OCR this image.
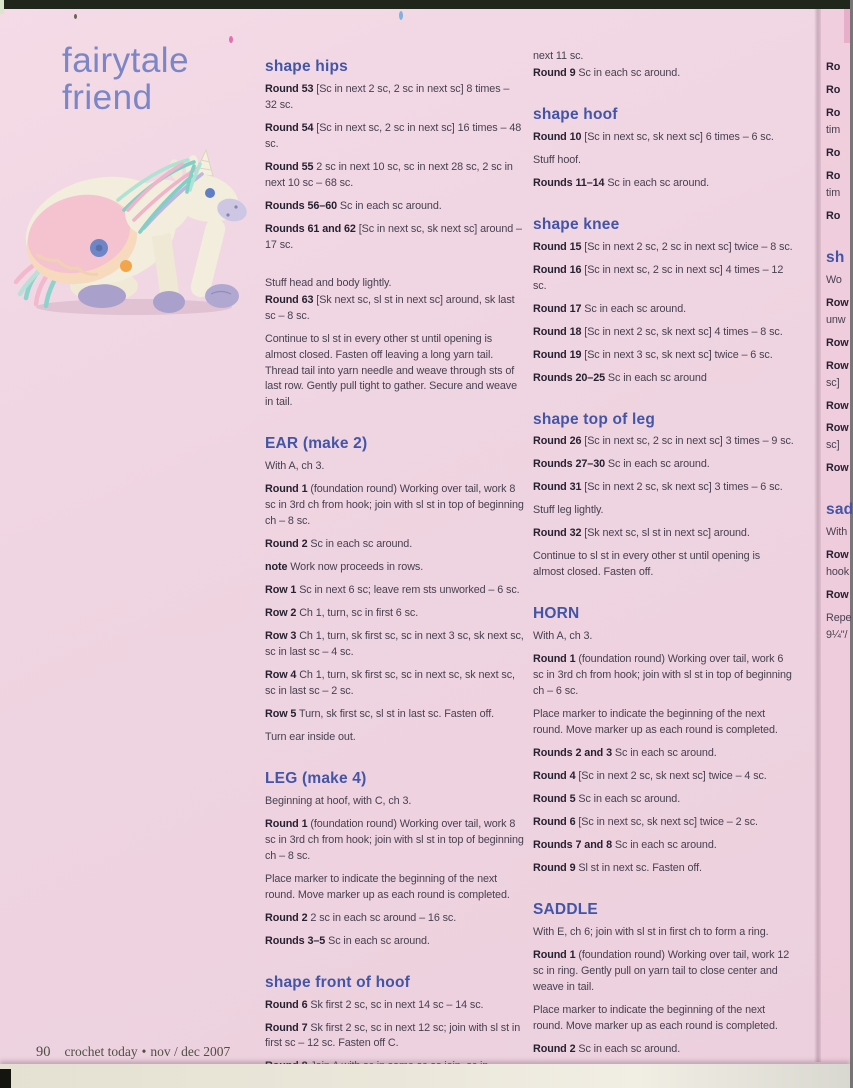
fairytale
friend
shape hips

Round 53 [Sc in next 2 sc, 2 sc in next sc] 8 times – 32 sc.

Round 54 [Sc in next sc, 2 sc in next sc] 16 times – 48 sc.

Round 55 2 sc in next 10 sc, sc in next 28 sc, 2 sc in next 10 sc – 68 sc.

Rounds 56–60 Sc in each sc around.

Rounds 61 and 62 [Sc in next sc, sk next sc] around – 17 sc.

Stuff head and body lightly.

Round 63 [Sk next sc, sl st in next sc] around, sk last sc – 8 sc.

Continue to sl st in every other st until opening is almost closed. Fasten off leaving a long yarn tail. Thread tail into yarn needle and weave through sts of last row. Gently pull tight to gather. Secure and weave in tail.

EAR (make 2)

With A, ch 3.

Round 1 (foundation round) Working over tail, work 8 sc in 3rd ch from hook; join with sl st in top of beginning ch – 8 sc.

Round 2 Sc in each sc around.

note Work now proceeds in rows.

Row 1 Sc in next 6 sc; leave rem sts unworked – 6 sc.

Row 2 Ch 1, turn, sc in first 6 sc.

Row 3 Ch 1, turn, sk first sc, sc in next 3 sc, sk next sc, sc in last sc – 4 sc.

Row 4 Ch 1, turn, sk first sc, sc in next sc, sk next sc, sc in last sc – 2 sc.

Row 5 Turn, sk first sc, sl st in last sc. Fasten off.

Turn ear inside out.

LEG (make 4)

Beginning at hoof, with C, ch 3.

Round 1 (foundation round) Working over tail, work 8 sc in 3rd ch from hook; join with sl st in top of beginning ch – 8 sc.

Place marker to indicate the beginning of the next round. Move marker up as each round is completed.

Round 2 2 sc in each sc around – 16 sc.

Rounds 3–5 Sc in each sc around.

shape front of hoof

Round 6 Sk first 2 sc, sc in next 14 sc – 14 sc.

Round 7 Sk first 2 sc, sc in next 12 sc; join with sl st in first sc – 12 sc. Fasten off C.

next 11 sc.

Round 9 Sc in each sc around.

shape hoof

Round 10 [Sc in next sc, sk next sc] 6 times – 6 sc.

Stuff hoof.

Rounds 11–14 Sc in each sc around.

shape knee

Round 15 [Sc in next 2 sc, 2 sc in next sc] twice – 8 sc.

Round 16 [Sc in next sc, 2 sc in next sc] 4 times – 12 sc.

Round 17 Sc in each sc around.

Round 18 [Sc in next 2 sc, sk next sc] 4 times – 8 sc.

Round 19 [Sc in next 3 sc, sk next sc] twice – 6 sc.

Rounds 20–25 Sc in each sc around

shape top of leg

Round 26 [Sc in next sc, 2 sc in next sc] 3 times – 9 sc.

Rounds 27–30 Sc in each sc around.

Round 31 [Sc in next 2 sc, sk next sc] 3 times – 6 sc.

Stuff leg lightly.

Round 32 [Sk next sc, sl st in next sc] around.

Continue to sl st in every other st until opening is almost closed. Fasten off.

HORN

With A, ch 3.

Round 1 (foundation round) Working over tail, work 6 sc in 3rd ch from hook; join with sl st in top of beginning ch – 6 sc.

Place marker to indicate the beginning of the next round. Move marker up as each round is completed.

Rounds 2 and 3 Sc in each sc around.

Round 4 [Sc in next 2 sc, sk next sc] twice – 4 sc.

Round 5 Sc in each sc around.

Round 6 [Sc in next sc, sk next sc] twice – 2 sc.

Rounds 7 and 8 Sc in each sc around.

Round 9 Sl st in next sc. Fasten off.

SADDLE

With E, ch 6; join with sl st in first ch to form a ring.

Round 1 (foundation round) Working over tail, work 12 sc in ring. Gently pull on yarn tail to close center and weave in tail.

Place marker to indicate the beginning of the next round. Move marker up as each round is completed.

Round 2 Sc in each sc around.

Ro

Ro

Ro

tim

Ro

Ro

tim

Ro

sh

Wo

Row

unw

Row

Row

sc]

Row

Row

sc]

Row

sad

With

Row

hook

Row

Repe

9¼"/

90 crochet today • nov / dec 2007
